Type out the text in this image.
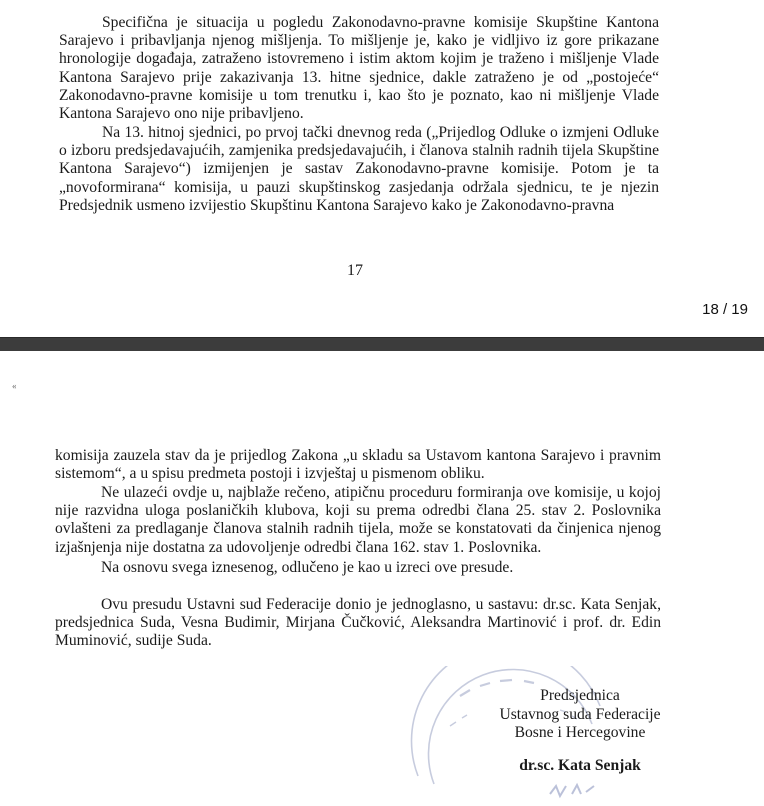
Specifična je situacija u pogledu Zakonodavno-pravne komisije Skupštine Kantona Sarajevo i pribavljanja njenog mišljenja. To mišljenje je, kako je vidljivo iz gore prikazane hronologije događaja, zatraženo istovremeno i istim aktom kojim je traženo i mišljenje Vlade Kantona Sarajevo prije zakazivanja 13. hitne sjednice, dakle zatraženo je od „postojeće“ Zakonodavno-pravne komisije u tom trenutku i, kao što je poznato, kao ni mišljenje Vlade Kantona Sarajevo ono nije pribavljeno.

Na 13. hitnoj sjednici, po prvoj tački dnevnog reda („Prijedlog Odluke o izmjeni Odluke o izboru predsjedavajućih, zamjenika predsjedavajućih, i članova stalnih radnih tijela Skupštine Kantona Sarajevo“) izmijenjen je sastav Zakonodavno-pravne komisije. Potom je ta „novoformirana“ komisija, u pauzi skupštinskog zasjedanja održala sjednicu, te je njezin Predsjednik usmeno izvijestio Skupštinu Kantona Sarajevo kako je Zakonodavno-pravna

17
18 / 19
«

komisija zauzela stav da je prijedlog Zakona „u skladu sa Ustavom kantona Sarajevo i pravnim sistemom“, a u spisu predmeta postoji i izvještaj u pismenom obliku.

Ne ulazeći ovdje u, najblaže rečeno, atipičnu proceduru formiranja ove komisije, u kojoj nije razvidna uloga poslaničkih klubova, koji su prema odredbi člana 25. stav 2. Poslovnika ovlašteni za predlaganje članova stalnih radnih tijela, može se konstatovati da činjenica njenog izjašnjenja nije dostatna za udovoljenje odredbi člana 162. stav 1. Poslovnika.

Na osnovu svega iznesenog, odlučeno je kao u izreci ove presude.

Ovu presudu Ustavni sud Federacije donio je jednoglasno, u sastavu: dr.sc. Kata Senjak, predsjednica Suda, Vesna Budimir, Mirjana Čučković, Aleksandra Martinović i prof. dr. Edin Muminović, sudije Suda.

Predsjednica
Ustavnog suda Federacije
Bosne i Hercegovine
dr.sc. Kata Senjak
